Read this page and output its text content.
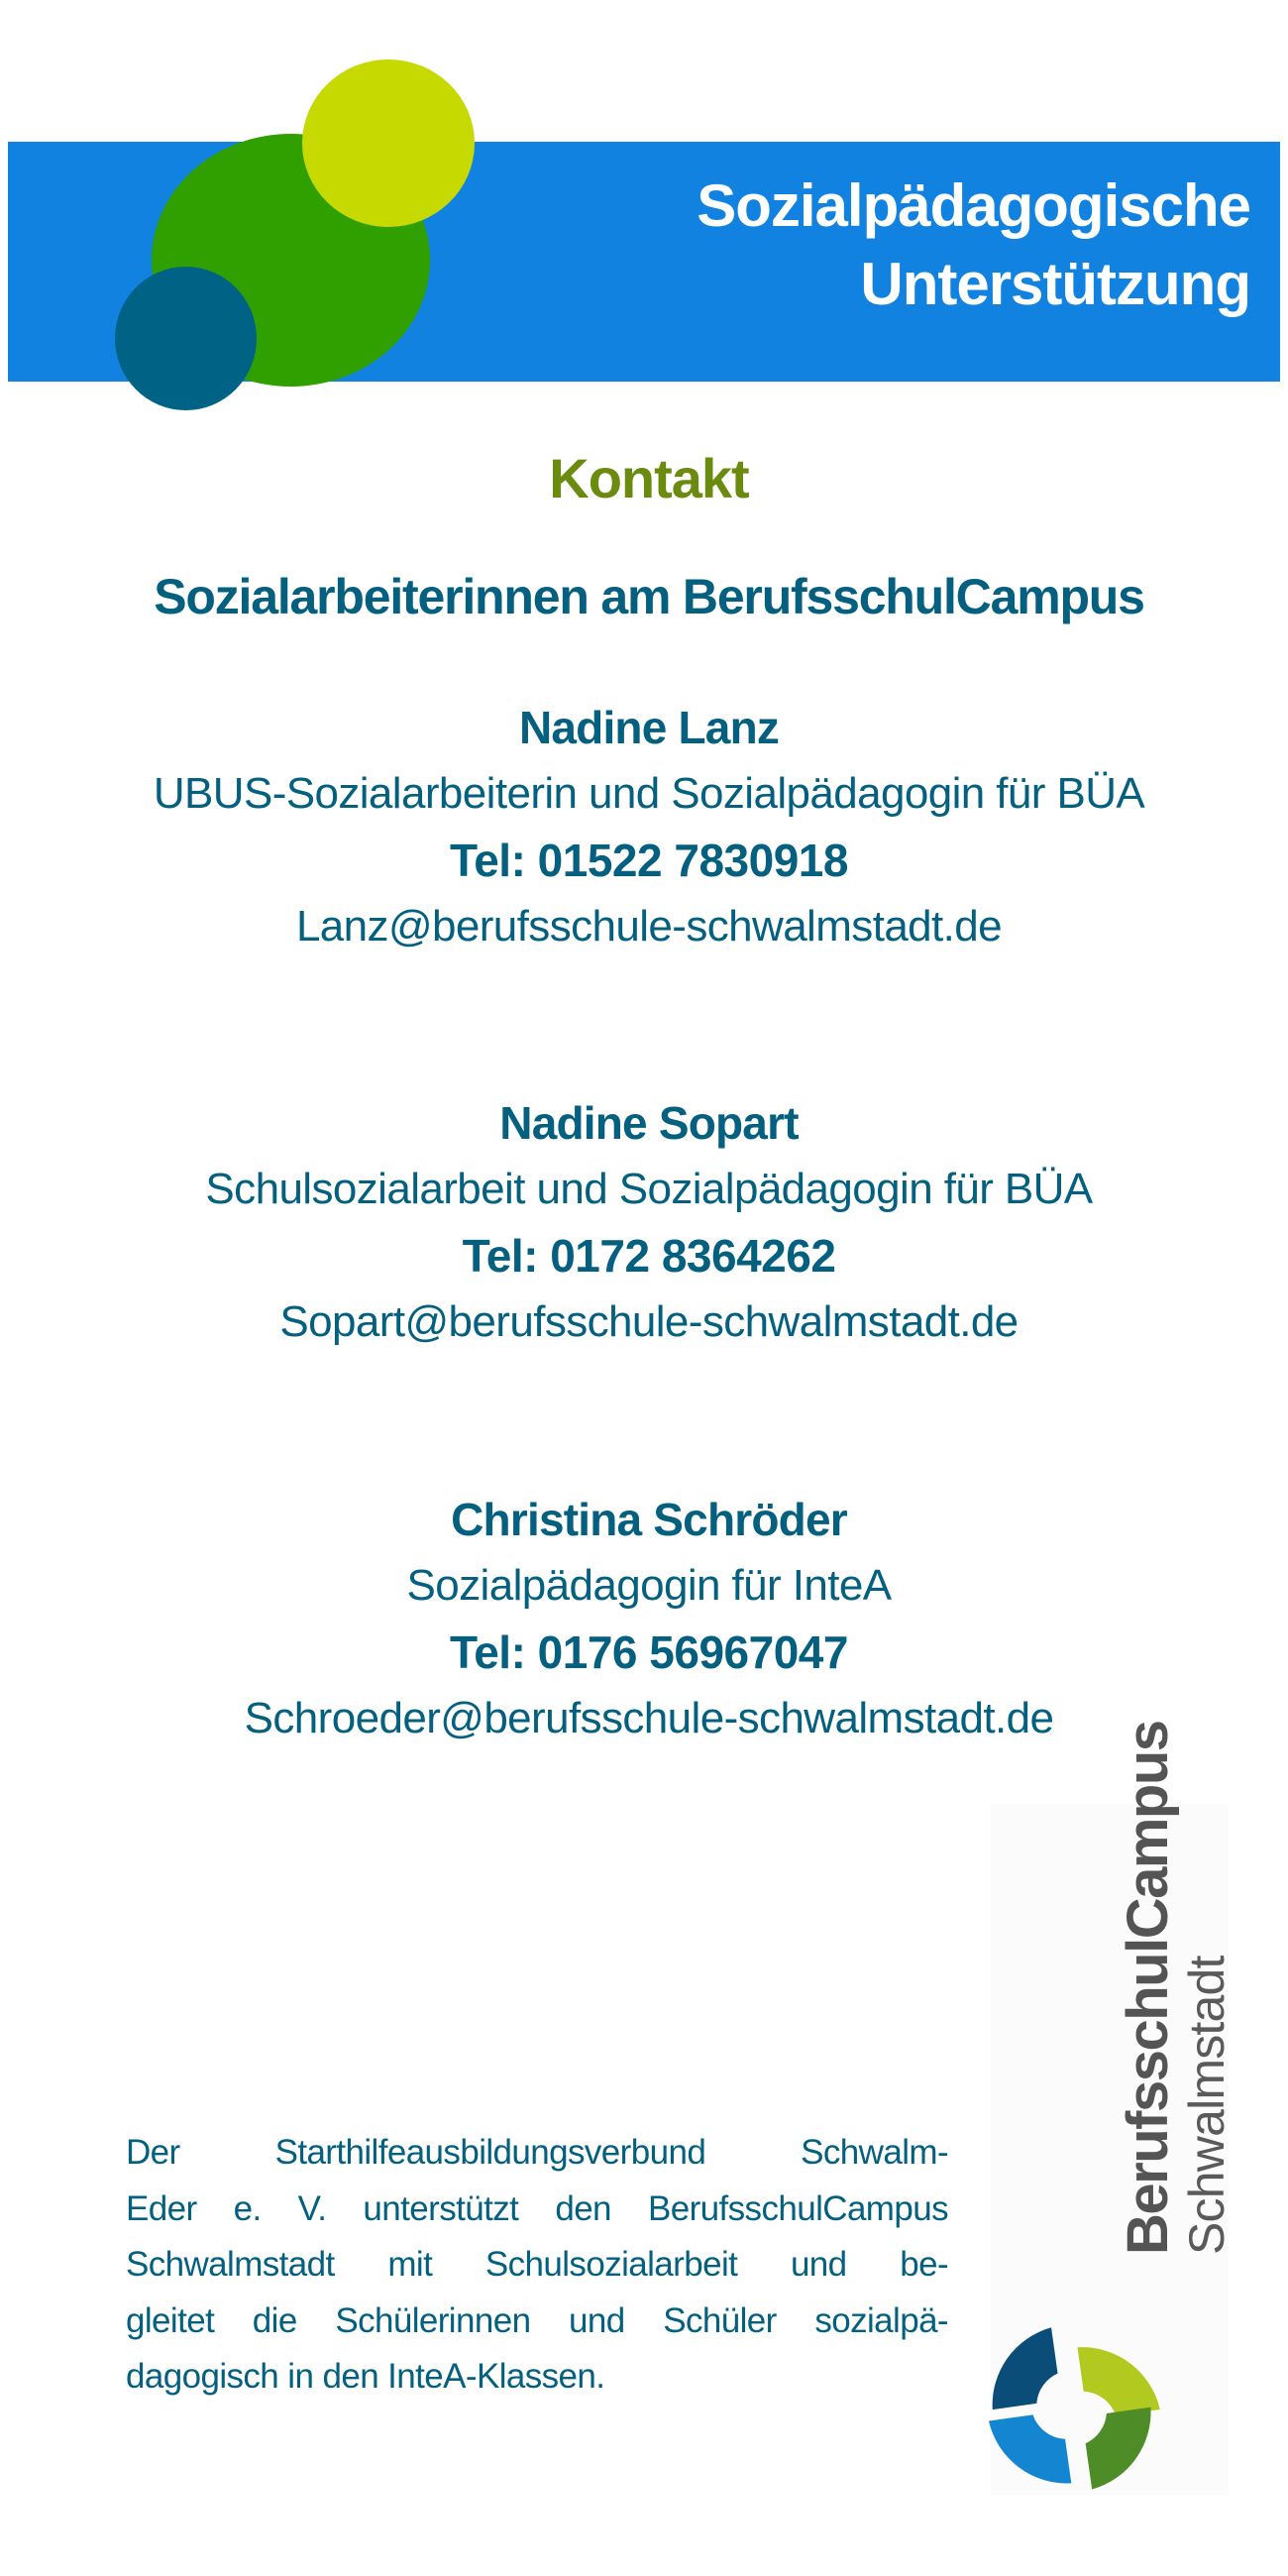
Sozialpädagogische
Unterstützung
Kontakt
Sozialarbeiterinnen am BerufsschulCampus
Nadine Lanz
UBUS-Sozialarbeiterin und Sozialpädagogin für BÜA
Tel: 01522 7830918
Lanz@berufsschule-schwalmstadt.de
Nadine Sopart
Schulsozialarbeit und Sozialpädagogin für BÜA
Tel: 0172 8364262
Sopart@berufsschule-schwalmstadt.de
Christina Schröder
Sozialpädagogin für InteA
Tel: 0176 56967047
Schroeder@berufsschule-schwalmstadt.de
Der Starthilfeausbildungsverbund Schwalm-
Eder e. V. unterstützt den BerufsschulCampus
Schwalmstadt mit Schulsozialarbeit und be-
gleitet die Schülerinnen und Schüler sozialpä-
dagogisch in den InteA-Klassen.
BerufsschulCampus Schwalmstadt
